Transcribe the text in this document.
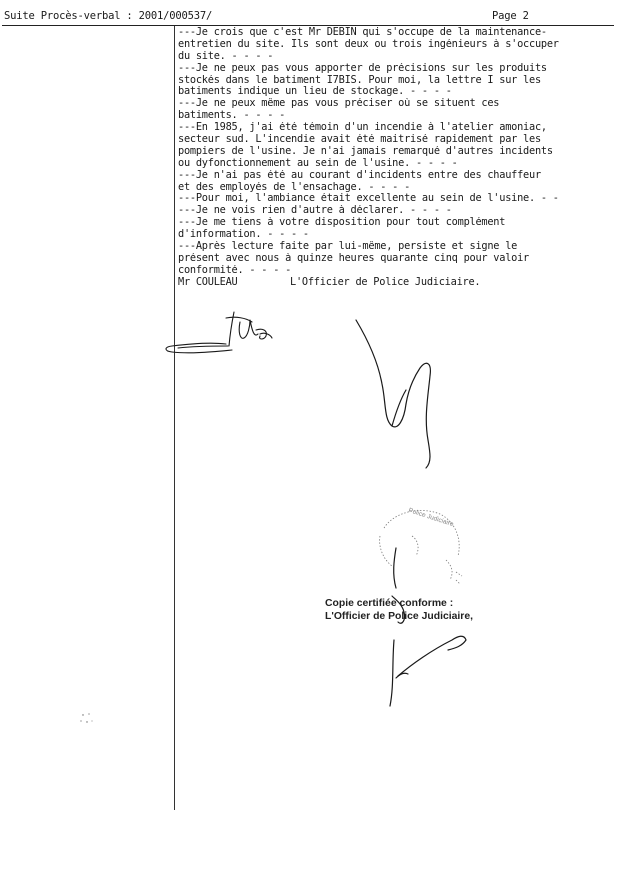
Suite Procès-verbal : 2001/000537/	Page 2
---Je crois que c'est Mr DEBIN qui s'occupe de la maintenance-
entretien du site. Ils sont deux ou trois ingénieurs à s'occuper
du site. - - - -
---Je ne peux pas vous apporter de précisions sur les produits
stockés dans le batiment I7BIS. Pour moi, la lettre I sur les
batiments indique un lieu de stockage. - - - -
---Je ne peux même pas vous préciser où se situent ces
batiments. - - - -
---En 1985, j'ai été témoin d'un incendie à l'atelier amoniac,
secteur sud. L'incendie avait été maitrisé rapidement par les
pompiers de l'usine. Je n'ai jamais remarqué d'autres incidents
ou dyfonctionnement au sein de l'usine. - - - -
---Je n'ai pas été au courant d'incidents entre des chauffeur
et des employés de l'ensachage. - - - -
---Pour moi, l'ambiance était excellente au sein de l'usine. - -
---Je ne vois rien d'autre à déclarer. - - - -
---Je me tiens à votre disposition pour tout complément
d'information. - - - -
---Après lecture faite par lui-même, persiste et signe le
présent avec nous à quinze heures quarante cinq pour valoir
conformité. - - - -
Mr COULEAU	L'Officier de Police Judiciaire.
Copie certifiée conforme :
L'Officier de Police Judiciaire,
Police Judiciaire
